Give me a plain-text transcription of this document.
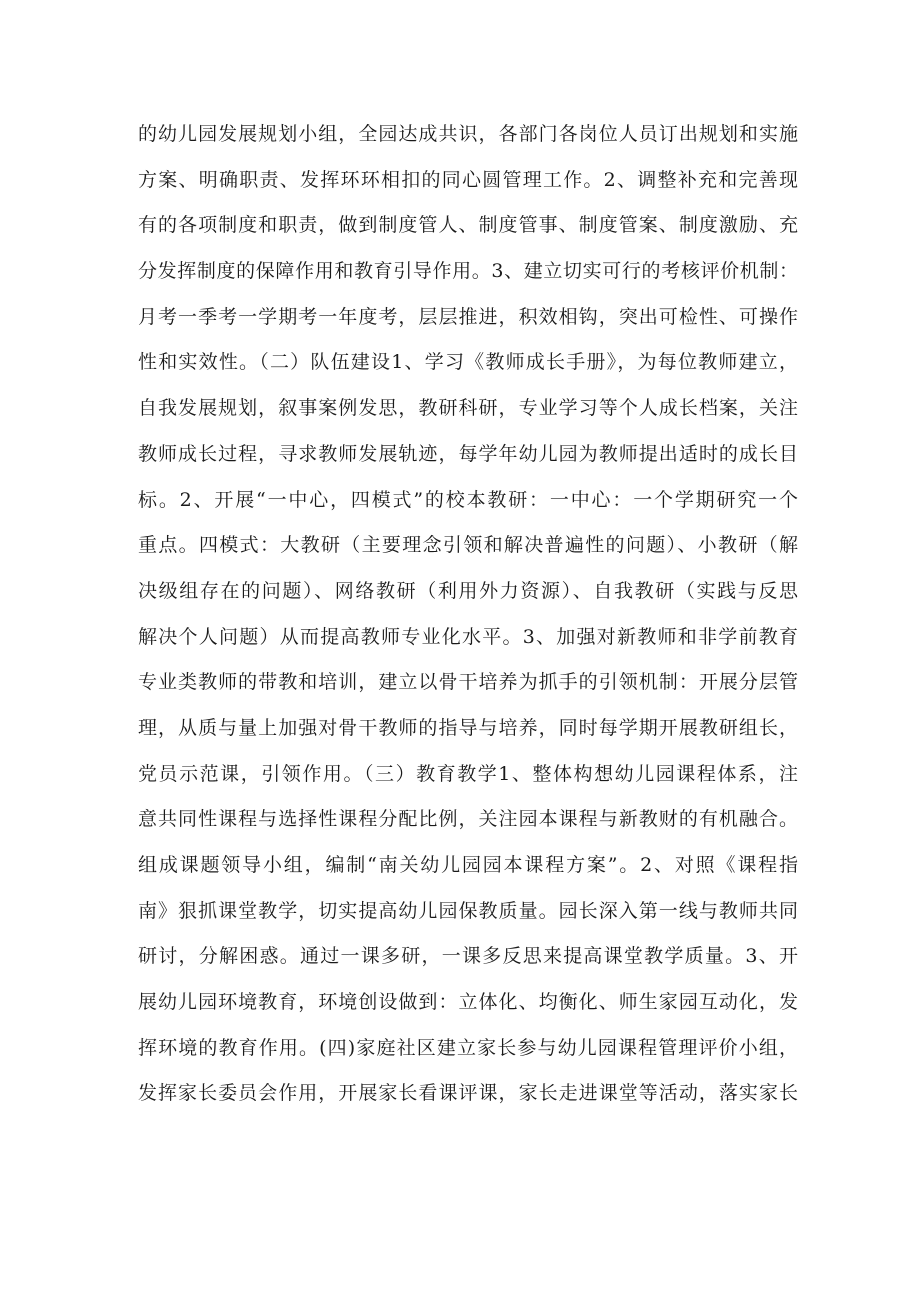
的幼儿园发展规划小组，全园达成共识，各部门各岗位人员订出规划和实施
方案、明确职责、发挥环环相扣的同心圆管理工作。2、调整补充和完善现
有的各项制度和职责，做到制度管人、制度管事、制度管案、制度激励、充
分发挥制度的保障作用和教育引导作用。3、建立切实可行的考核评价机制：
月考一季考一学期考一年度考，层层推进，积效相钩，突出可检性、可操作
性和实效性。（二）队伍建设1、学习《教师成长手册》，为每位教师建立，
自我发展规划，叙事案例发思，教研科研，专业学习等个人成长档案，关注
教师成长过程，寻求教师发展轨迹，每学年幼儿园为教师提出适时的成长目
标。2、开展“一中心，四模式”的校本教研：一中心：一个学期研究一个
重点。四模式：大教研（主要理念引领和解决普遍性的问题）、小教研（解
决级组存在的问题）、网络教研（利用外力资源）、自我教研（实践与反思
解决个人问题）从而提高教师专业化水平。3、加强对新教师和非学前教育
专业类教师的带教和培训，建立以骨干培养为抓手的引领机制：开展分层管
理，从质与量上加强对骨干教师的指导与培养，同时每学期开展教研组长，
党员示范课，引领作用。（三）教育教学1、整体构想幼儿园课程体系，注
意共同性课程与选择性课程分配比例，关注园本课程与新教财的有机融合。
组成课题领导小组，编制“南关幼儿园园本课程方案”。2、对照《课程指
南》狠抓课堂教学，切实提高幼儿园保教质量。园长深入第一线与教师共同
研讨，分解困惑。通过一课多研，一课多反思来提高课堂教学质量。3、开
展幼儿园环境教育，环境创设做到：立体化、均衡化、师生家园互动化，发
挥环境的教育作用。(四)家庭社区建立家长参与幼儿园课程管理评价小组，
发挥家长委员会作用，开展家长看课评课，家长走进课堂等活动，落实家长
